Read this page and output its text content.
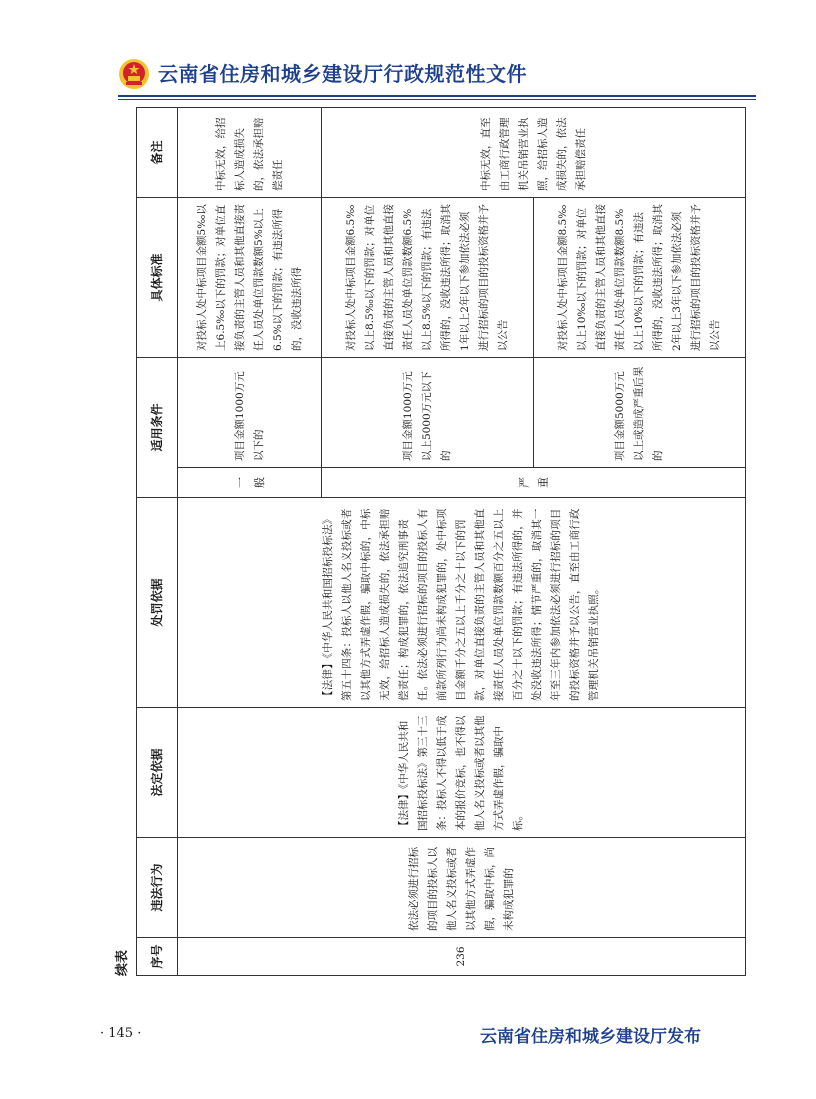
云南省住房和城乡建设厅行政规范性文件
续表	序号	违法行为	法定依据	处罚依据	适用条件		具体标准	备注
236	依法必须进行招标的项目的投标人以他人名义投标或者以其他方式弄虚作假，骗取中标，尚未构成犯罪的	【法律】《中华人民共和国招标投标法》第三十三条：投标人不得以低于成本的报价竞标，也不得以他人名义投标或者以其他方式弄虚作假，骗取中标。	【法律】《中华人民共和国招标投标法》第五十四条：投标人以他人名义投标或者以其他方式弄虚作假，骗取中标的，中标无效，给招标人造成损失的，依法承担赔偿责任；构成犯罪的，依法追究刑事责任。依法必须进行招标的项目的投标人有前款所列行为尚未构成犯罪的，处中标项目金额千分之五以上千分之十以下的罚款，对单位直接负责的主管人员和其他直接责任人员处单位罚款数额百分之五以上百分之十以下的罚款；有违法所得的，并处没收违法所得；情节严重的，取消其一年至三年内参加依法必须进行招标的项目的投标资格并予以公告，直至由工商行政管理机关吊销营业执照。	一般	项目金额1000万元以下的	对投标人处中标项目金额5‰以上6.5‰以下的罚款；对单位直接负责的主管人员和其他直接责任人员处单位罚款数额5%以上6.5%以下的罚款；有违法所得的，没收违法所得	中标无效，给招标人造成损失的，依法承担赔偿责任
				严重	项目金额1000万元以上5000万元以下的	对投标人处中标项目金额6.5‰以上8.5‰以下的罚款；对单位直接负责的主管人员和其他直接责任人员处单位罚款数额6.5%以上8.5%以下的罚款；有违法所得的，没收违法所得；取消其1年以上2年以下参加依法必须进行招标的项目的投标资格并予以公告	中标无效，直至由工商行政管理机关吊销营业执照，给招标人造成损失的，依法承担赔偿责任
					项目金额5000万元以上或造成严重后果的	对投标人处中标项目金额8.5‰以上10‰以下的罚款；对单位直接负责的主管人员和其他直接责任人员处单位罚款数额8.5%以上10%以下的罚款；有违法所得的，没收违法所得；取消其2年以上3年以下参加依法必须进行招标的项目的投标资格并予以公告	
· 145 ·	云南省住房和城乡建设厅发布
